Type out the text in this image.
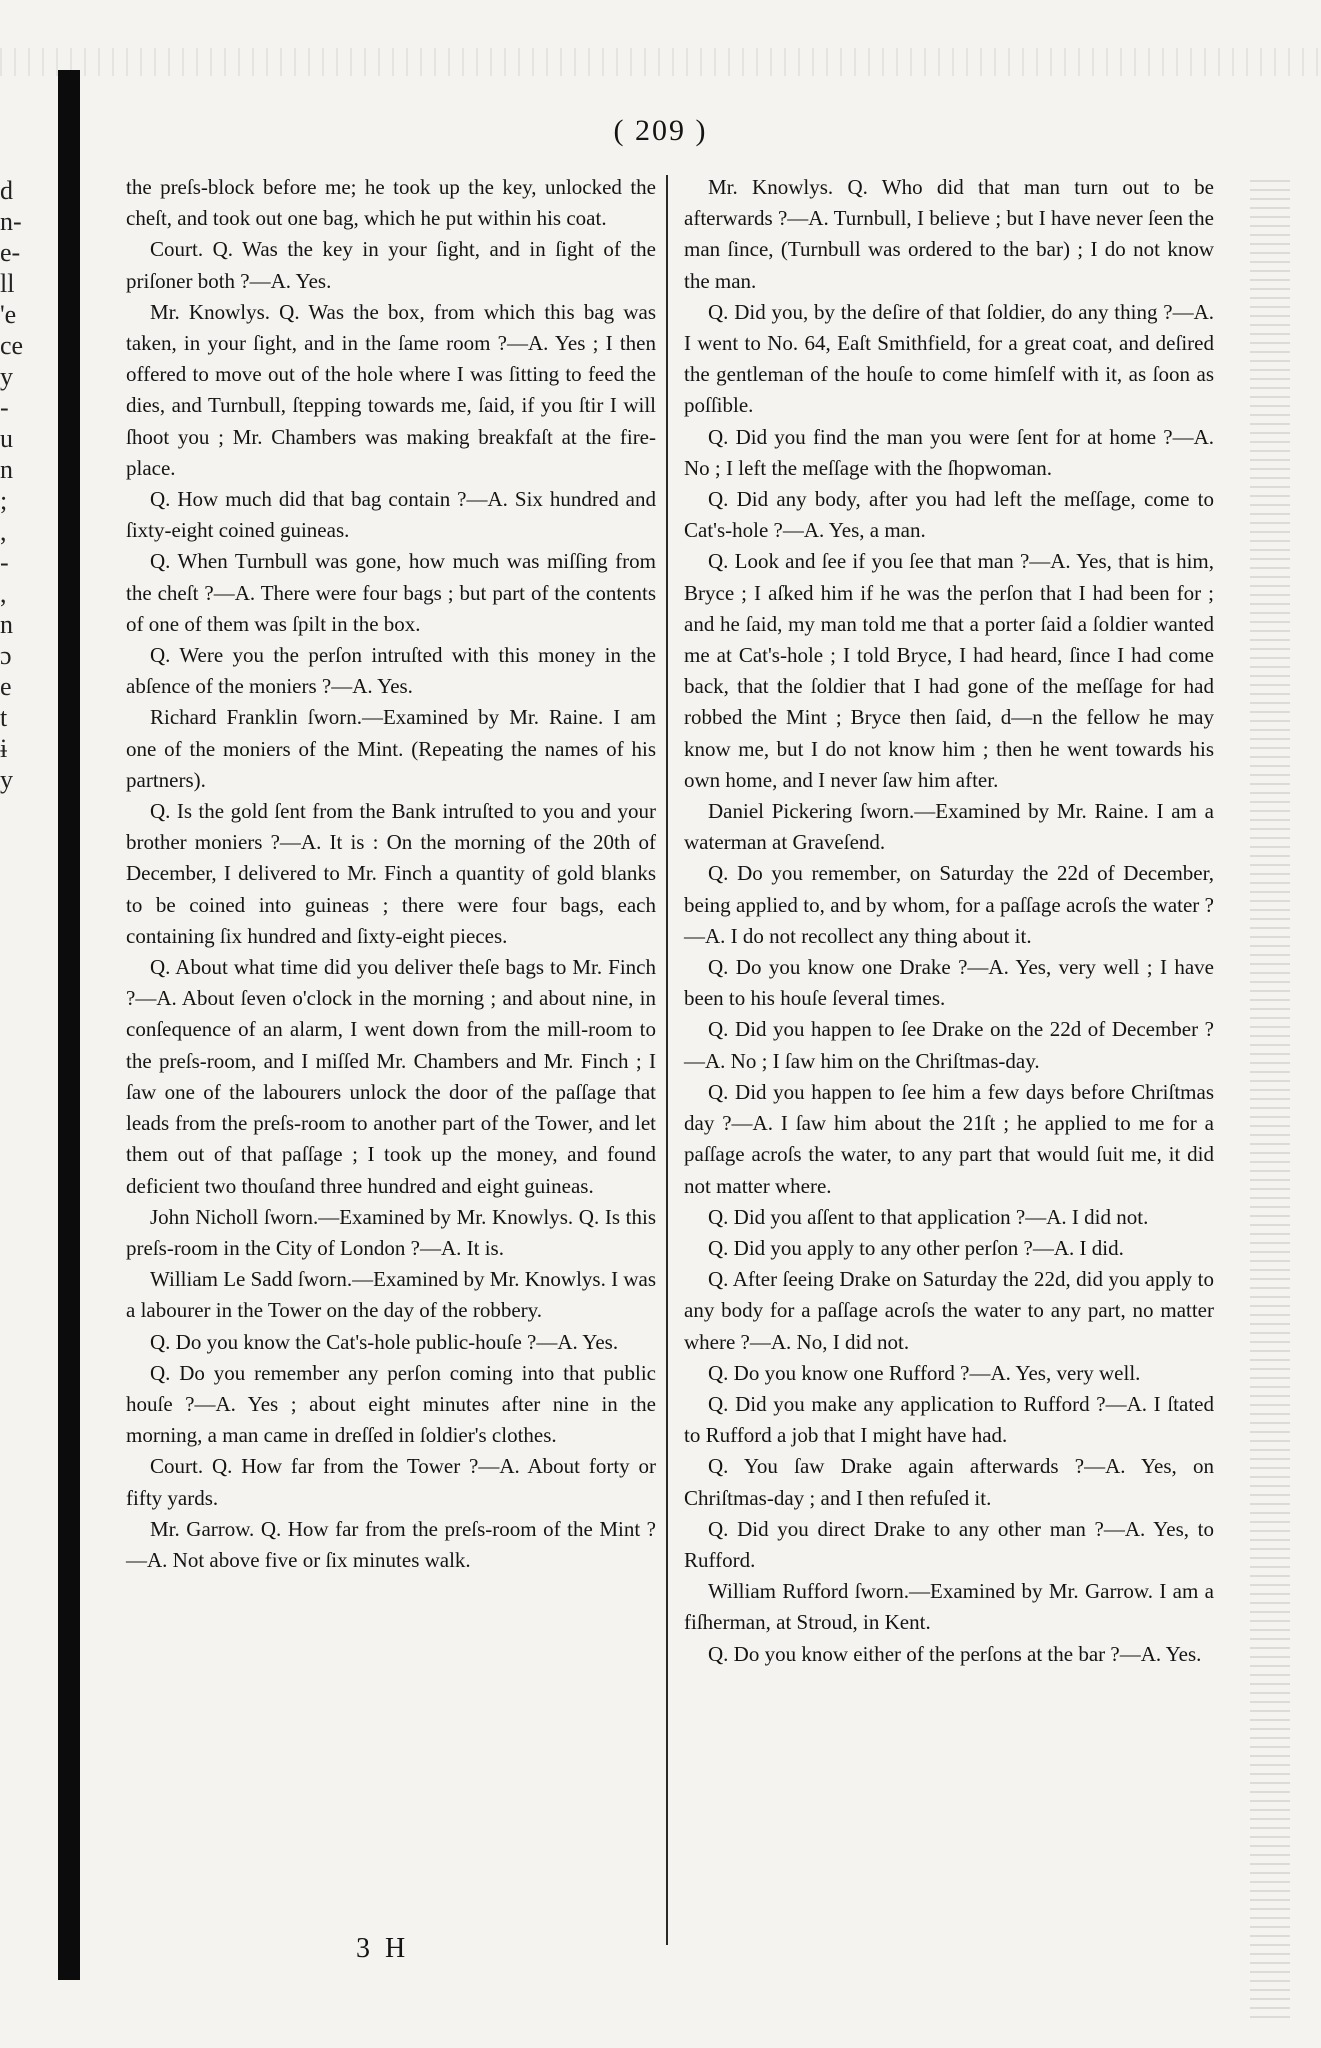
d
n-
e-
ll
'e
ce
y
-
u
n
;
,
-
,
n
ɔ
e
t
ɨ
y
( 209 )

the preſs-block before me; he took up the key, unlocked the cheſt, and took out one bag, which he put within his coat.

Court. Q. Was the key in your ſight, and in ſight of the priſoner both ?—A. Yes.

Mr. Knowlys. Q. Was the box, from which this bag was taken, in your ſight, and in the ſame room ?—A. Yes ; I then offered to move out of the hole where I was ſitting to feed the dies, and Turnbull, ſtepping towards me, ſaid, if you ſtir I will ſhoot you ; Mr. Chambers was making breakfaſt at the fire-place.

Q. How much did that bag contain ?—A. Six hundred and ſixty-eight coined guineas.

Q. When Turnbull was gone, how much was miſſing from the cheſt ?—A. There were four bags ; but part of the contents of one of them was ſpilt in the box.

Q. Were you the perſon intruſted with this money in the abſence of the moniers ?—A. Yes.

Richard Franklin ſworn.—Examined by Mr. Raine. I am one of the moniers of the Mint. (Repeating the names of his partners).

Q. Is the gold ſent from the Bank intruſted to you and your brother moniers ?—A. It is : On the morning of the 20th of December, I delivered to Mr. Finch a quantity of gold blanks to be coined into guineas ; there were four bags, each containing ſix hundred and ſixty-eight pieces.

Q. About what time did you deliver theſe bags to Mr. Finch ?—A. About ſeven o'clock in the morning ; and about nine, in conſequence of an alarm, I went down from the mill-room to the preſs-room, and I miſſed Mr. Chambers and Mr. Finch ; I ſaw one of the labourers unlock the door of the paſſage that leads from the preſs-room to another part of the Tower, and let them out of that paſſage ; I took up the money, and found deficient two thouſand three hundred and eight guineas.

John Nicholl ſworn.—Examined by Mr. Knowlys. Q. Is this preſs-room in the City of London ?—A. It is.

William Le Sadd ſworn.—Examined by Mr. Knowlys. I was a labourer in the Tower on the day of the robbery.

Q. Do you know the Cat's-hole public-houſe ?—A. Yes.

Q. Do you remember any perſon coming into that public houſe ?—A. Yes ; about eight minutes after nine in the morning, a man came in dreſſed in ſoldier's clothes.

Court. Q. How far from the Tower ?—A. About forty or fifty yards.

Mr. Garrow. Q. How far from the preſs-room of the Mint ?—A. Not above five or ſix minutes walk.

Mr. Knowlys. Q. Who did that man turn out to be afterwards ?—A. Turnbull, I believe ; but I have never ſeen the man ſince, (Turnbull was ordered to the bar) ; I do not know the man.

Q. Did you, by the deſire of that ſoldier, do any thing ?—A. I went to No. 64, Eaſt Smithfield, for a great coat, and deſired the gentleman of the houſe to come himſelf with it, as ſoon as poſſible.

Q. Did you find the man you were ſent for at home ?—A. No ; I left the meſſage with the ſhopwoman.

Q. Did any body, after you had left the meſſage, come to Cat's-hole ?—A. Yes, a man.

Q. Look and ſee if you ſee that man ?—A. Yes, that is him, Bryce ; I aſked him if he was the perſon that I had been for ; and he ſaid, my man told me that a porter ſaid a ſoldier wanted me at Cat's-hole ; I told Bryce, I had heard, ſince I had come back, that the ſoldier that I had gone of the meſſage for had robbed the Mint ; Bryce then ſaid, d—n the fellow he may know me, but I do not know him ; then he went towards his own home, and I never ſaw him after.

Daniel Pickering ſworn.—Examined by Mr. Raine. I am a waterman at Graveſend.

Q. Do you remember, on Saturday the 22d of December, being applied to, and by whom, for a paſſage acroſs the water ?—A. I do not recollect any thing about it.

Q. Do you know one Drake ?—A. Yes, very well ; I have been to his houſe ſeveral times.

Q. Did you happen to ſee Drake on the 22d of December ?—A. No ; I ſaw him on the Chriſtmas-day.

Q. Did you happen to ſee him a few days before Chriſtmas day ?—A. I ſaw him about the 21ſt ; he applied to me for a paſſage acroſs the water, to any part that would ſuit me, it did not matter where.

Q. Did you aſſent to that application ?—A. I did not.

Q. Did you apply to any other perſon ?—A. I did.

Q. After ſeeing Drake on Saturday the 22d, did you apply to any body for a paſſage acroſs the water to any part, no matter where ?—A. No, I did not.

Q. Do you know one Rufford ?—A. Yes, very well.

Q. Did you make any application to Rufford ?—A. I ſtated to Rufford a job that I might have had.

Q. You ſaw Drake again afterwards ?—A. Yes, on Chriſtmas-day ; and I then refuſed it.

Q. Did you direct Drake to any other man ?—A. Yes, to Rufford.

William Rufford ſworn.—Examined by Mr. Garrow. I am a fiſherman, at Stroud, in Kent.

Q. Do you know either of the perſons at the bar ?—A. Yes.

3 H
